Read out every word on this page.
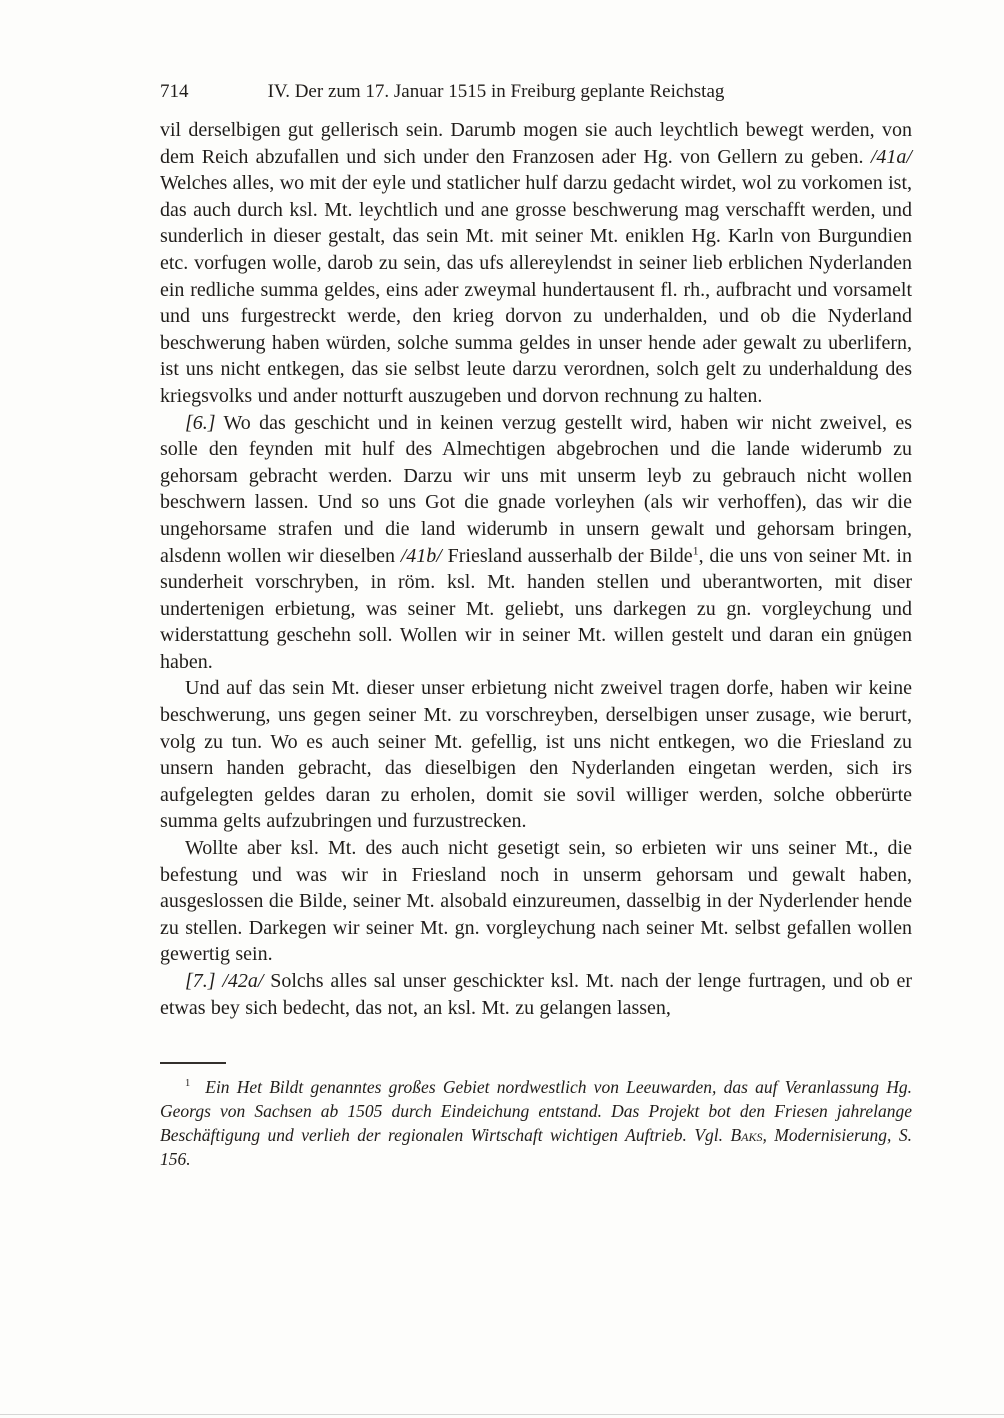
714	IV. Der zum 17. Januar 1515 in Freiburg geplante Reichstag

vil derselbigen gut gellerisch sein. Darumb mogen sie auch leychtlich bewegt werden, von dem Reich abzufallen und sich under den Franzosen ader Hg. von Gellern zu geben. /41a/ Welches alles, wo mit der eyle und statlicher hulf darzu gedacht wirdet, wol zu vorkomen ist, das auch durch ksl. Mt. leychtlich und ane grosse beschwerung mag verschafft werden, und sunderlich in dieser gestalt, das sein Mt. mit seiner Mt. eniklen Hg. Karln von Burgundien etc. vorfugen wolle, darob zu sein, das ufs allereylendst in seiner lieb erblichen Nyderlanden ein redliche summa geldes, eins ader zweymal hundertausent fl. rh., aufbracht und vorsamelt und uns furgestreckt werde, den krieg dorvon zu underhalden, und ob die Nyderland beschwerung haben würden, solche summa geldes in unser hende ader gewalt zu uberlifern, ist uns nicht entkegen, das sie selbst leute darzu verordnen, solch gelt zu underhaldung des kriegsvolks und ander notturft auszugeben und dorvon rechnung zu halten.

[6.] Wo das geschicht und in keinen verzug gestellt wird, haben wir nicht zweivel, es solle den feynden mit hulf des Almechtigen abgebrochen und die lande widerumb zu gehorsam gebracht werden. Darzu wir uns mit unserm leyb zu gebrauch nicht wollen beschwern lassen. Und so uns Got die gnade vorleyhen (als wir verhoffen), das wir die ungehorsame strafen und die land widerumb in unsern gewalt und gehorsam bringen, alsdenn wollen wir dieselben /41b/ Friesland ausserhalb der Bilde$^1$, die uns von seiner Mt. in sunderheit vorschryben, in röm. ksl. Mt. handen stellen und uberantworten, mit diser undertenigen erbietung, was seiner Mt. geliebt, uns darkegen zu gn. vorgleychung und widerstattung geschehn soll. Wollen wir in seiner Mt. willen gestelt und daran ein gnügen haben.

Und auf das sein Mt. dieser unser erbietung nicht zweivel tragen dorfe, haben wir keine beschwerung, uns gegen seiner Mt. zu vorschreyben, derselbigen unser zusage, wie berurt, volg zu tun. Wo es auch seiner Mt. gefellig, ist uns nicht entkegen, wo die Friesland zu unsern handen gebracht, das dieselbigen den Nyderlanden eingetan werden, sich irs aufgelegten geldes daran zu erholen, domit sie sovil williger werden, solche obberürte summa gelts aufzubringen und furzustrecken.

Wollte aber ksl. Mt. des auch nicht gesetigt sein, so erbieten wir uns seiner Mt., die befestung und was wir in Friesland noch in unserm gehorsam und gewalt haben, ausgeslossen die Bilde, seiner Mt. alsobald einzureumen, dasselbig in der Nyderlender hende zu stellen. Darkegen wir seiner Mt. gn. vorgleychung nach seiner Mt. selbst gefallen wollen gewertig sein.

[7.] /42a/ Solchs alles sal unser geschickter ksl. Mt. nach der lenge furtragen, und ob er etwas bey sich bedecht, das not, an ksl. Mt. zu gelangen lassen,

$^1$ Ein Het Bildt genanntes großes Gebiet nordwestlich von Leeuwarden, das auf Veranlassung Hg. Georgs von Sachsen ab 1505 durch Eindeichung entstand. Das Projekt bot den Friesen jahrelange Beschäftigung und verlieh der regionalen Wirtschaft wichtigen Auftrieb. Vgl. Baks, Modernisierung, S. 156.
